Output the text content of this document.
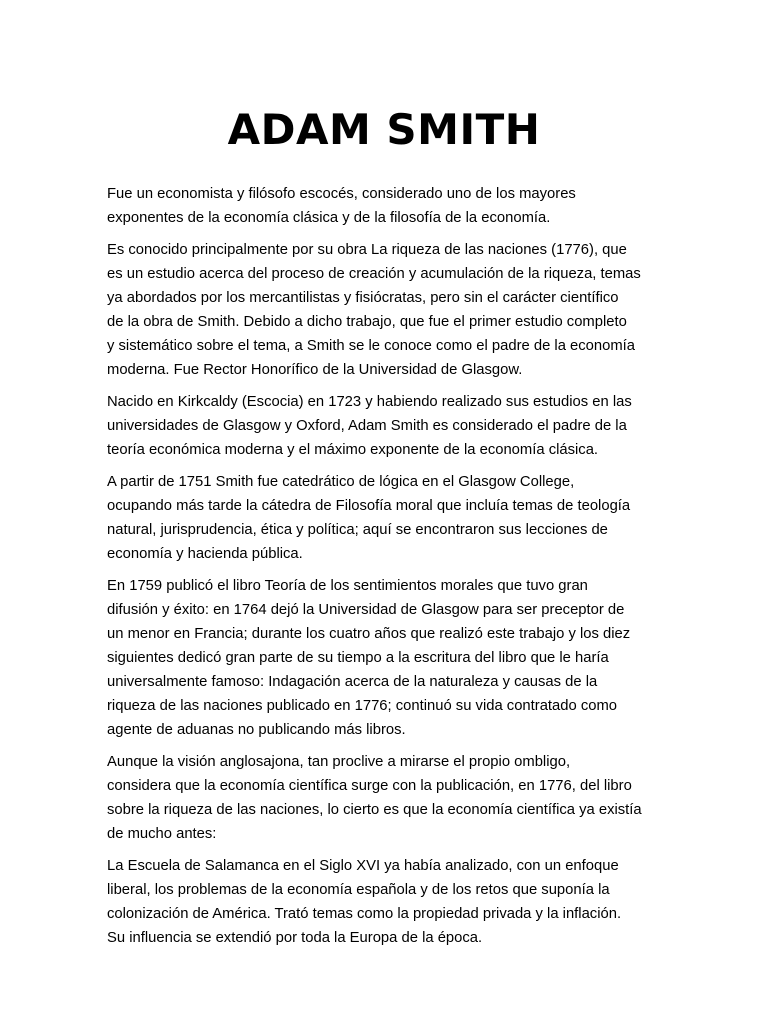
ADAM SMITH

Fue un economista y filósofo escocés, considerado uno de los mayores
exponentes de la economía clásica y de la filosofía de la economía.

Es conocido principalmente por su obra La riqueza de las naciones (1776), que
es un estudio acerca del proceso de creación y acumulación de la riqueza, temas
ya abordados por los mercantilistas y fisiócratas, pero sin el carácter científico
de la obra de Smith. Debido a dicho trabajo, que fue el primer estudio completo
y sistemático sobre el tema, a Smith se le conoce como el padre de la economía
moderna. Fue Rector Honorífico de la Universidad de Glasgow.

Nacido en Kirkcaldy (Escocia) en 1723 y habiendo realizado sus estudios en las
universidades de Glasgow y Oxford, Adam Smith es considerado el padre de la
teoría económica moderna y el máximo exponente de la economía clásica.

A partir de 1751 Smith fue catedrático de lógica en el Glasgow College,
ocupando más tarde la cátedra de Filosofía moral que incluía temas de teología
natural, jurisprudencia, ética y política; aquí se encontraron sus lecciones de
economía y hacienda pública.

En 1759 publicó el libro Teoría de los sentimientos morales que tuvo gran
difusión y éxito: en 1764 dejó la Universidad de Glasgow para ser preceptor de
un menor en Francia; durante los cuatro años que realizó este trabajo y los diez
siguientes dedicó gran parte de su tiempo a la escritura del libro que le haría
universalmente famoso: Indagación acerca de la naturaleza y causas de la
riqueza de las naciones publicado en 1776; continuó su vida contratado como
agente de aduanas no publicando más libros.

Aunque la visión anglosajona, tan proclive a mirarse el propio ombligo,
considera que la economía científica surge con la publicación, en 1776, del libro
sobre la riqueza de las naciones, lo cierto es que la economía científica ya existía
de mucho antes:

La Escuela de Salamanca en el Siglo XVI ya había analizado, con un enfoque
liberal, los problemas de la economía española y de los retos que suponía la
colonización de América. Trató temas como la propiedad privada y la inflación.
Su influencia se extendió por toda la Europa de la época.
